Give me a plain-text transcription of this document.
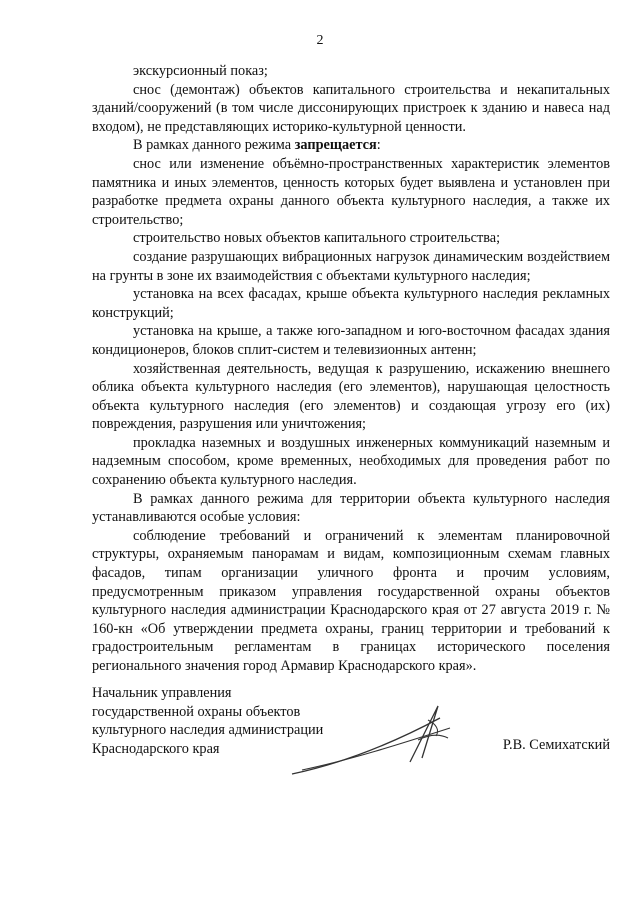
2

экскурсионный показ;

снос (демонтаж) объектов капитального строительства и некапитальных зданий/сооружений (в том числе диссонирующих пристроек к зданию и навеса над входом), не представляющих историко-культурной ценности.

В рамках данного режима запрещается:

снос или изменение объёмно-пространственных характеристик элементов памятника и иных элементов, ценность которых будет выявлена и установлен при разработке предмета охраны данного объекта культурного наследия, а также их строительство;

строительство новых объектов капитального строительства;

создание разрушающих вибрационных нагрузок динамическим воздействием на грунты в зоне их взаимодействия с объектами культурного наследия;

установка на всех фасадах, крыше объекта культурного наследия рекламных конструкций;

установка на крыше, а также юго-западном и юго-восточном фасадах здания кондиционеров, блоков сплит-систем и телевизионных антенн;

хозяйственная деятельность, ведущая к разрушению, искажению внешнего облика объекта культурного наследия (его элементов), нарушающая целостность объекта культурного наследия (его элементов) и создающая угрозу его (их) повреждения, разрушения или уничтожения;

прокладка наземных и воздушных инженерных коммуникаций наземным и надземным способом, кроме временных, необходимых для проведения работ по сохранению объекта культурного наследия.

В рамках данного режима для территории объекта культурного наследия устанавливаются особые условия:

соблюдение требований и ограничений к элементам планировочной структуры, охраняемым панорамам и видам, композиционным схемам главных фасадов, типам организации уличного фронта и прочим условиям, предусмотренным приказом управления государственной охраны объектов культурного наследия администрации Краснодарского края от 27 августа 2019 г. № 160-кн «Об утверждении предмета охраны, границ территории и требований к градостроительным регламентам в границах исторического поселения регионального значения город Армавир Краснодарского края».

Начальник управления
государственной охраны объектов
культурного наследия администрации
Краснодарского края	Р.В. Семихатский
